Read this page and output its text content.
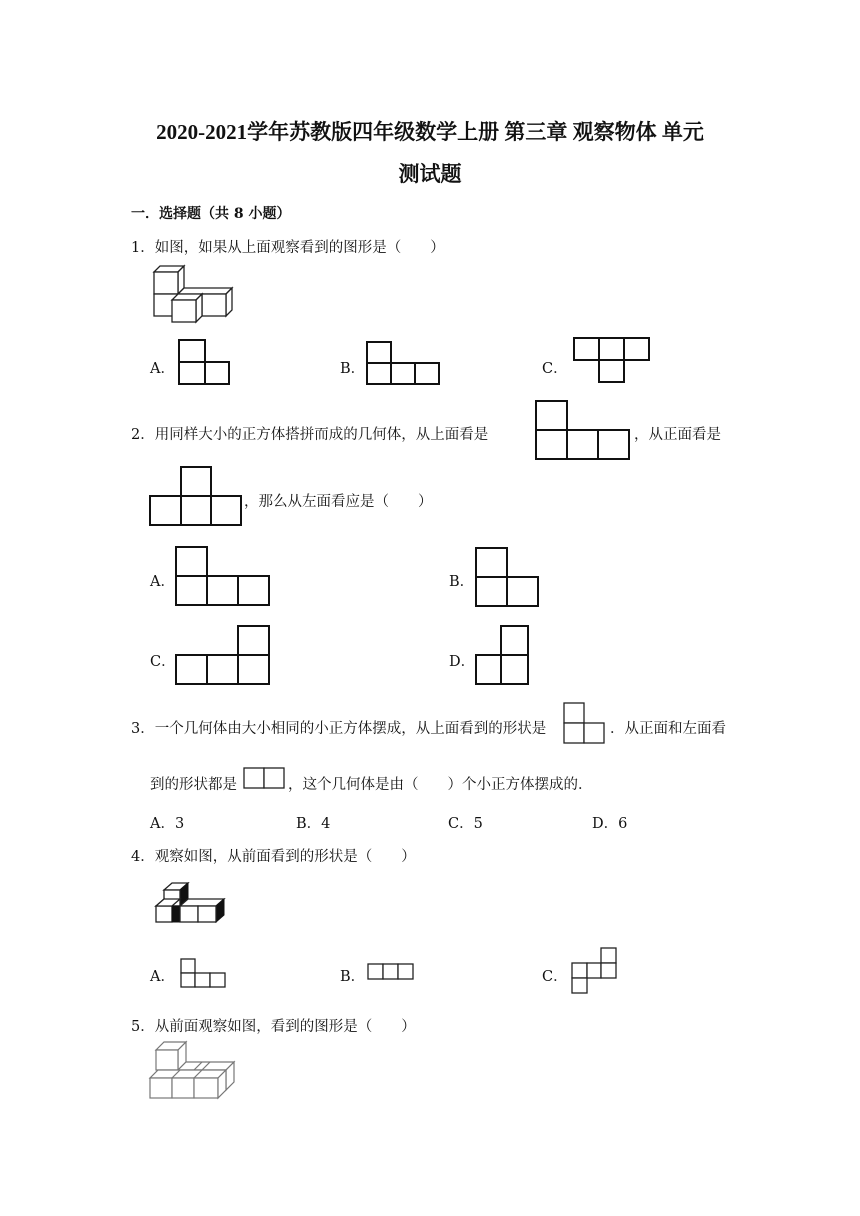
2020-2021学年苏教版四年级数学上册 第三章 观察物体 单元
测试题
一．选择题（共 8 小题）
1．如图，如果从上面观察看到的图形是（　　）
A．	B．	C．
2．用同样大小的正方体搭拼而成的几何体，从上面看是	，从正面看是
，那么从左面看应是（　　）
A．	B．
C．	D．
3．一个几何体由大小相同的小正方体摆成，从上面看到的形状是	．从正面和左面看
到的形状都是	，这个几何体是由（　　）个小正方体摆成的．
A．3	B．4	C．5	D．6
4．观察如图，从前面看到的形状是（　　）
A．	B．	C．
5．从前面观察如图，看到的图形是（　　）
